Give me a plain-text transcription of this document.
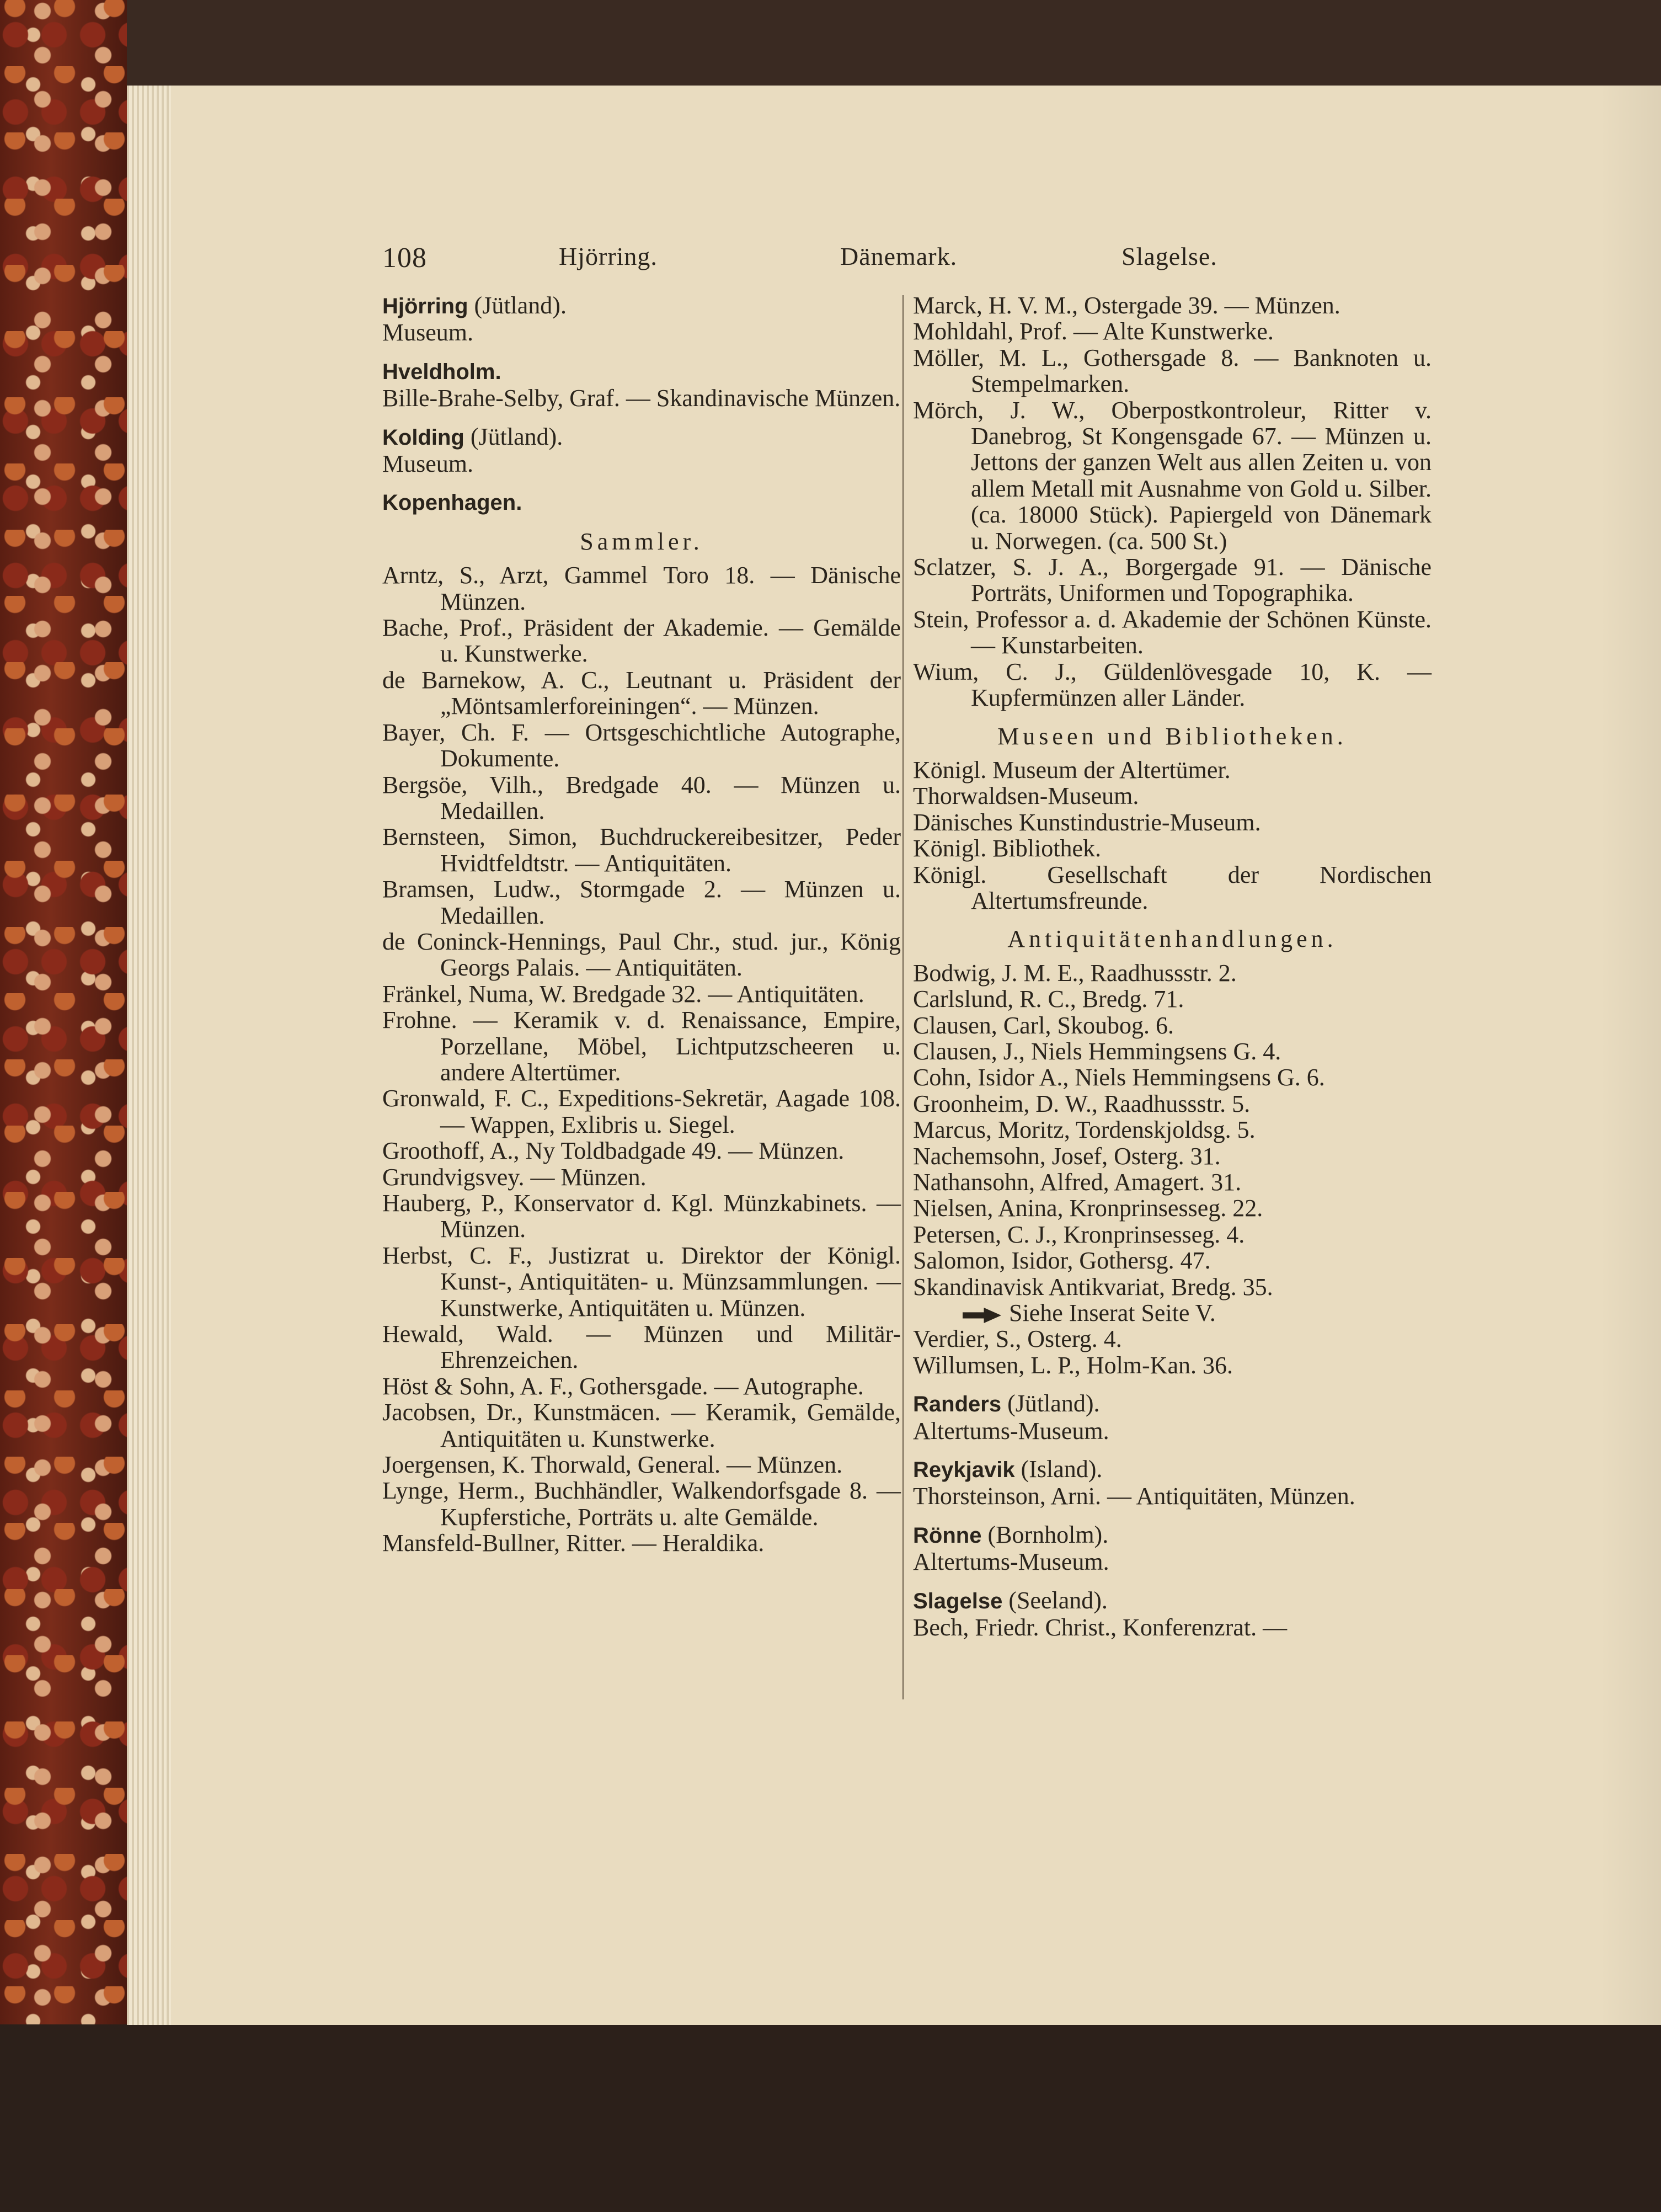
108	Hjörring.	Dänemark.	Slagelse.
Hjörring (Jütland).
Museum.
Hveldholm.
Bille-Brahe-Selby, Graf. — Skandinavische Münzen.
Kolding (Jütland).
Museum.
Kopenhagen.
Sammler.
Arntz, S., Arzt, Gammel Toro 18. — Dänische Münzen.
Bache, Prof., Präsident der Akademie. — Gemälde u. Kunstwerke.
de Barnekow, A. C., Leutnant u. Präsident der „Möntsamlerforeiningen“. — Münzen.
Bayer, Ch. F. — Ortsgeschichtliche Autographe, Dokumente.
Bergsöe, Vilh., Bredgade 40. — Münzen u. Medaillen.
Bernsteen, Simon, Buchdruckereibesitzer, Peder Hvidtfeldtstr. — Antiquitäten.
Bramsen, Ludw., Stormgade 2. — Münzen u. Medaillen.
de Coninck-Hennings, Paul Chr., stud. jur., König Georgs Palais. — Antiquitäten.
Fränkel, Numa, W. Bredgade 32. — Antiquitäten.
Frohne. — Keramik v. d. Renaissance, Empire, Porzellane, Möbel, Lichtputzscheeren u. andere Altertümer.
Gronwald, F. C., Expeditions-Sekretär, Aagade 108. — Wappen, Exlibris u. Siegel.
Groothoff, A., Ny Toldbadgade 49. — Münzen.
Grundvigsvey. — Münzen.
Hauberg, P., Konservator d. Kgl. Münzkabinets. — Münzen.
Herbst, C. F., Justizrat u. Direktor der Königl. Kunst-, Antiquitäten- u. Münzsammlungen. — Kunstwerke, Antiquitäten u. Münzen.
Hewald, Wald. — Münzen und Militär-Ehrenzeichen.
Höst & Sohn, A. F., Gothersgade. — Autographe.
Jacobsen, Dr., Kunstmäcen. — Keramik, Gemälde, Antiquitäten u. Kunstwerke.
Joergensen, K. Thorwald, General. — Münzen.
Lynge, Herm., Buchhändler, Walkendorfsgade 8. — Kupferstiche, Porträts u. alte Gemälde.
Mansfeld-Bullner, Ritter. — Heraldika.
Marck, H. V. M., Ostergade 39. — Münzen.
Mohldahl, Prof. — Alte Kunstwerke.
Möller, M. L., Gothersgade 8. — Banknoten u. Stempelmarken.
Mörch, J. W., Oberpostkontroleur, Ritter v. Danebrog, St Kongensgade 67. — Münzen u. Jettons der ganzen Welt aus allen Zeiten u. von allem Metall mit Ausnahme von Gold u. Silber. (ca. 18000 Stück). Papiergeld von Dänemark u. Norwegen. (ca. 500 St.)
Sclatzer, S. J. A., Borgergade 91. — Dänische Porträts, Uniformen und Topographika.
Stein, Professor a. d. Akademie der Schönen Künste. — Kunstarbeiten.
Wium, C. J., Güldenlövesgade 10, K. — Kupfermünzen aller Länder.
Museen und Bibliotheken.
Königl. Museum der Altertümer.
Thorwaldsen-Museum.
Dänisches Kunstindustrie-Museum.
Königl. Bibliothek.
Königl. Gesellschaft der Nordischen Altertumsfreunde.
Antiquitätenhandlungen.
Bodwig, J. M. E., Raadhussstr. 2.
Carlslund, R. C., Bredg. 71.
Clausen, Carl, Skoubog. 6.
Clausen, J., Niels Hemmingsens G. 4.
Cohn, Isidor A., Niels Hemmingsens G. 6.
Groonheim, D. W., Raadhussstr. 5.
Marcus, Moritz, Tordenskjoldsg. 5.
Nachemsohn, Josef, Osterg. 31.
Nathansohn, Alfred, Amagert. 31.
Nielsen, Anina, Kronprinsesseg. 22.
Petersen, C. J., Kronprinsesseg. 4.
Salomon, Isidor, Gothersg. 47.
Skandinavisk Antikvariat, Bredg. 35.
Siehe Inserat Seite V.
Verdier, S., Osterg. 4.
Willumsen, L. P., Holm-Kan. 36.
Randers (Jütland).
Altertums-Museum.
Reykjavik (Island).
Thorsteinson, Arni. — Antiquitäten, Münzen.
Rönne (Bornholm).
Altertums-Museum.
Slagelse (Seeland).
Bech, Friedr. Christ., Konferenzrat. —
